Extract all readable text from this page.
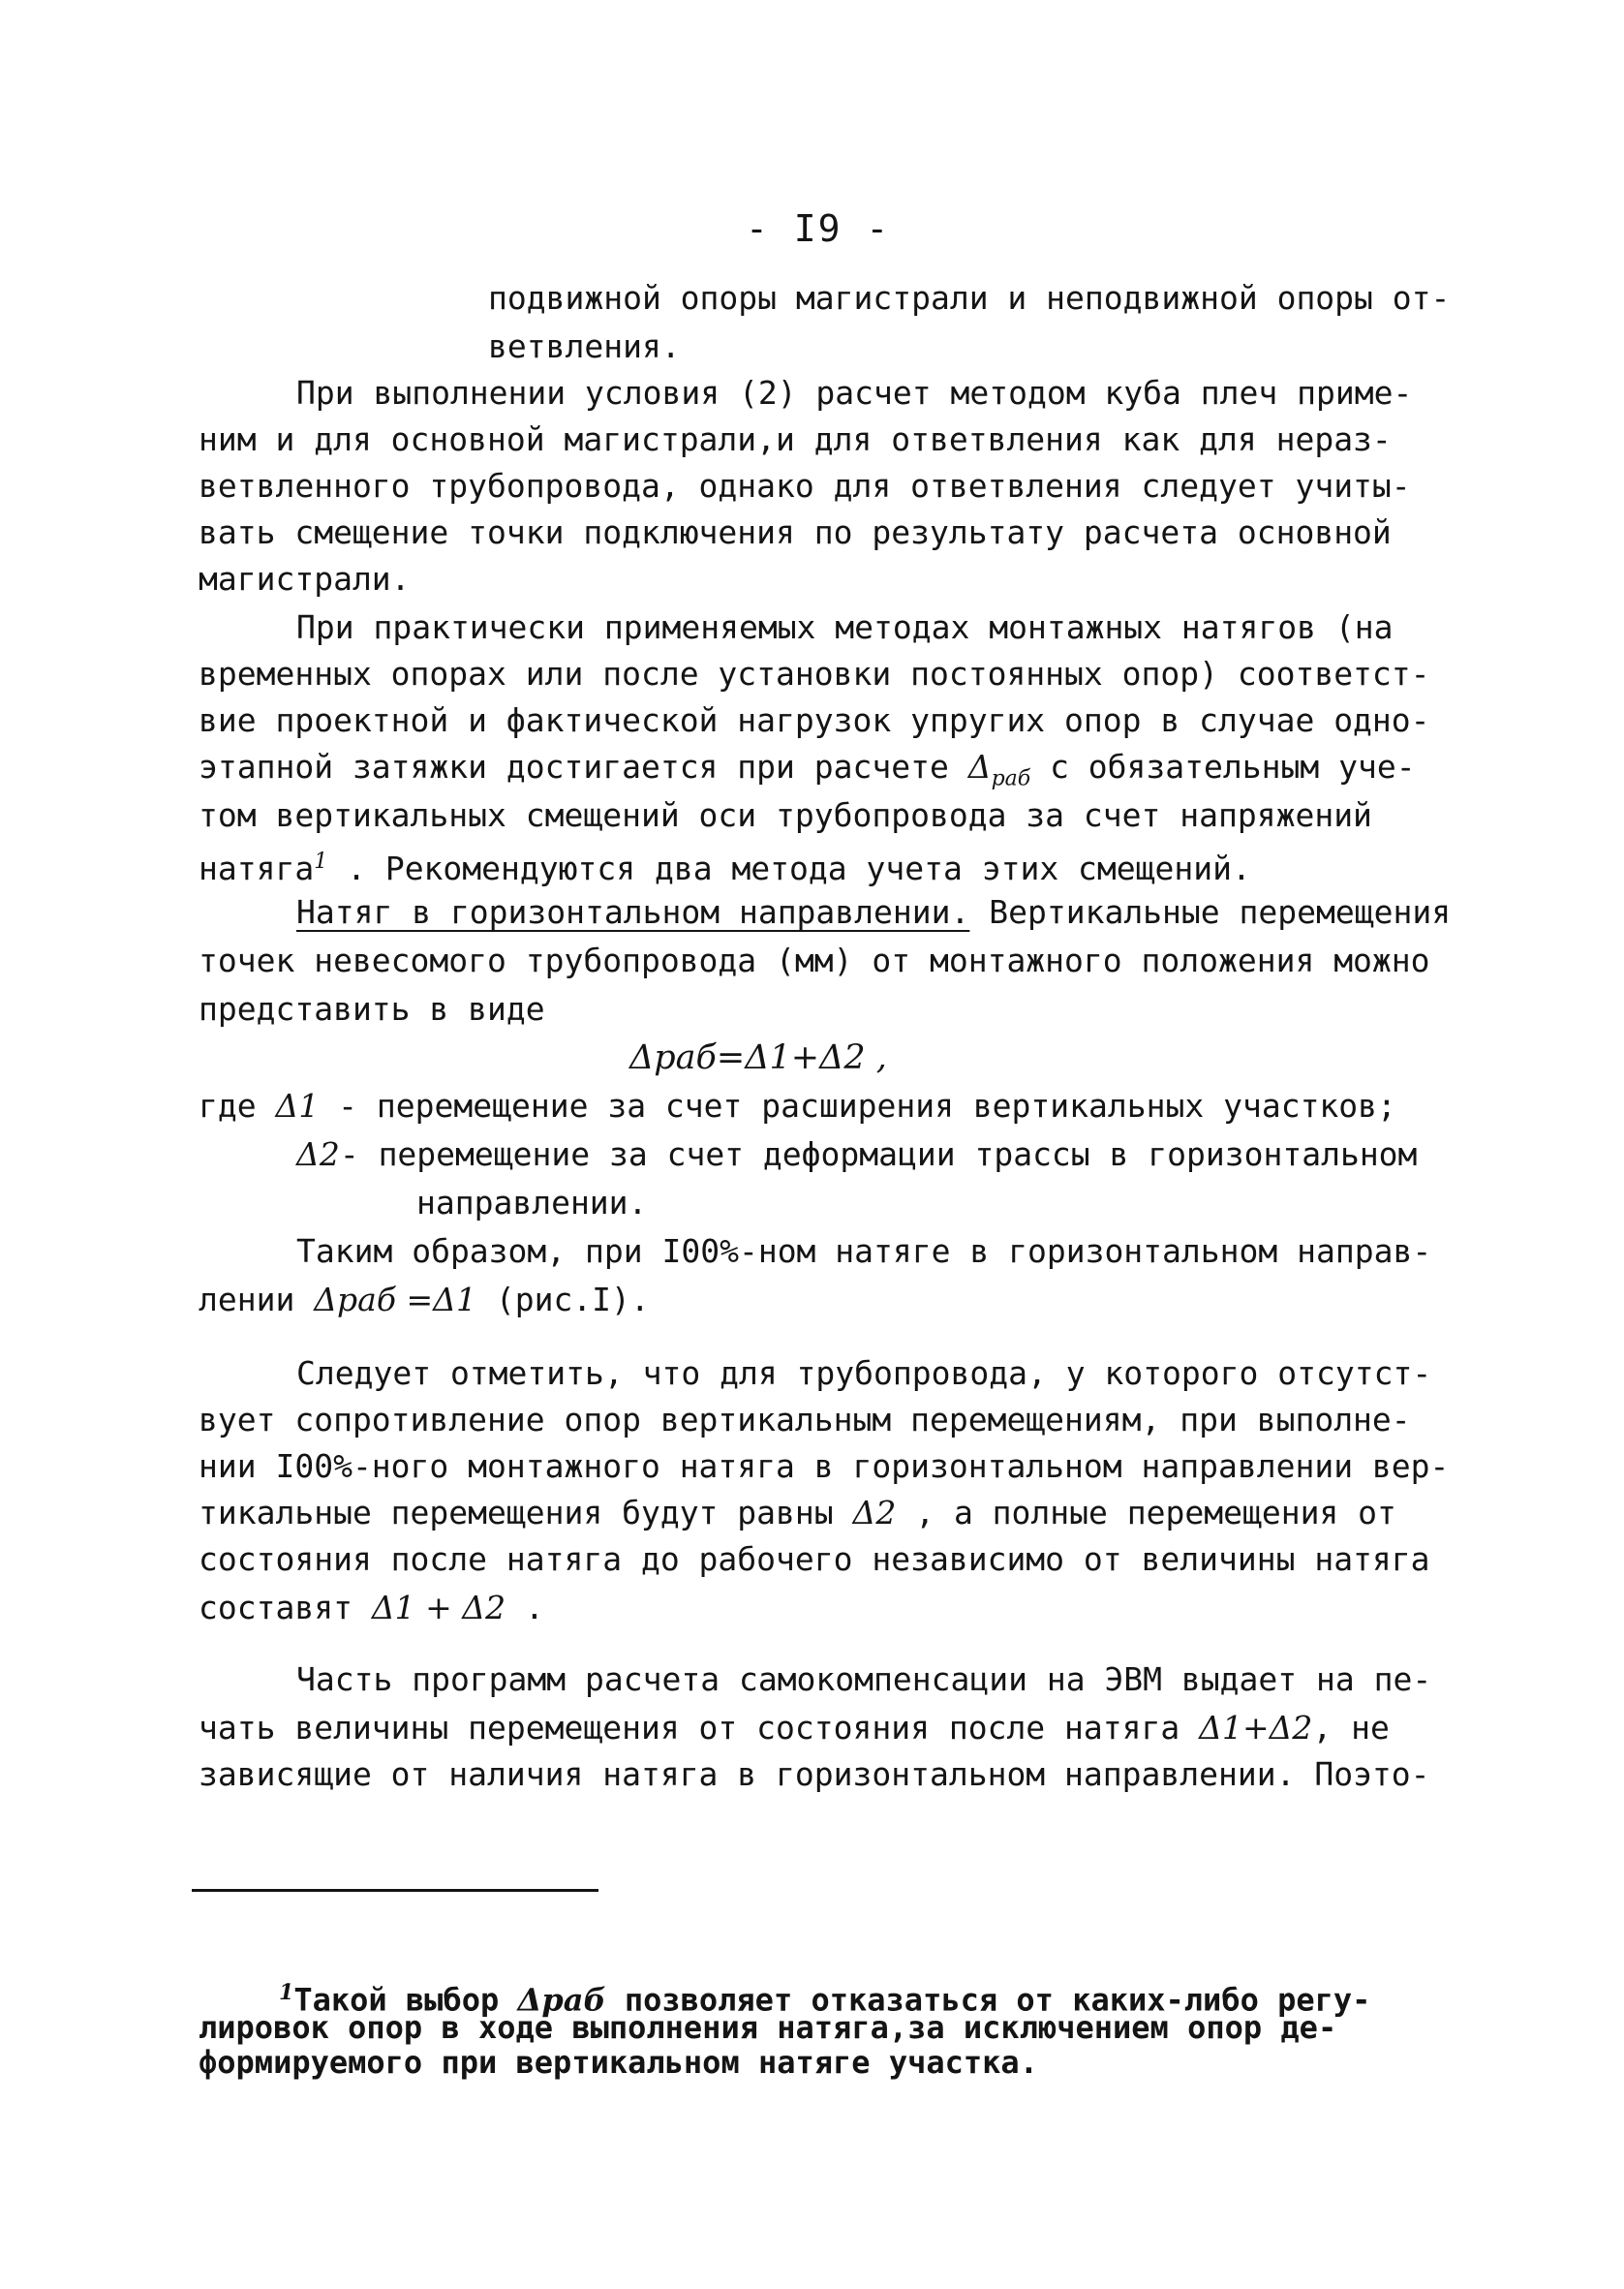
- I9 -
подвижной опоры магистрали и неподвижной опоры от-
ветвления.
При выполнении условия (2) расчет методом куба плеч приме-
ним и для основной магистрали,и для ответвления как для нераз-
ветвленного трубопровода, однако для ответвления следует учиты-
вать смещение точки подключения по результату расчета основной
магистрали.
При практически применяемых методах монтажных натягов (на
временных опорах или после установки постоянных опор) соответст-
вие проектной и фактической нагрузок упругих опор в случае одно-
этапной затяжки достигается при расчете $\Delta_{раб}$ с обязательным уче-
том вертикальных смещений оси трубопровода за счет напряжений
натяга$^1$ . Рекомендуются два метода учета этих смещений.
Натяг в горизонтальном направлении. Вертикальные перемещения
точек невесомого трубопровода (мм) от монтажного положения можно
представить в виде
Δраб=Δ1+Δ2 ,
где Δ1 - перемещение за счет расширения вертикальных участков;
Δ2- перемещение за счет деформации трассы в горизонтальном
направлении.
Таким образом, при I00%-ном натяге в горизонтальном направ-
лении Δраб =Δ1 (рис.I).
Следует отметить, что для трубопровода, у которого отсутст-
вует сопротивление опор вертикальным перемещениям, при выполне-
нии I00%-ного монтажного натяга в горизонтальном направлении вер-
тикальные перемещения будут равны Δ2 , а полные перемещения от
состояния после натяга до рабочего независимо от величины натяга
составят Δ1 + Δ2 .
Часть программ расчета самокомпенсации на ЭВМ выдает на пе-
чать величины перемещения от состояния после натяга Δ1+Δ2, не
зависящие от наличия натяга в горизонтальном направлении. Поэто-
$^1$Такой выбор Δраб позволяет отказаться от каких-либо регу-
лировок опор в ходе выполнения натяга,за исключением опор де-
формируемого при вертикальном натяге участка.
